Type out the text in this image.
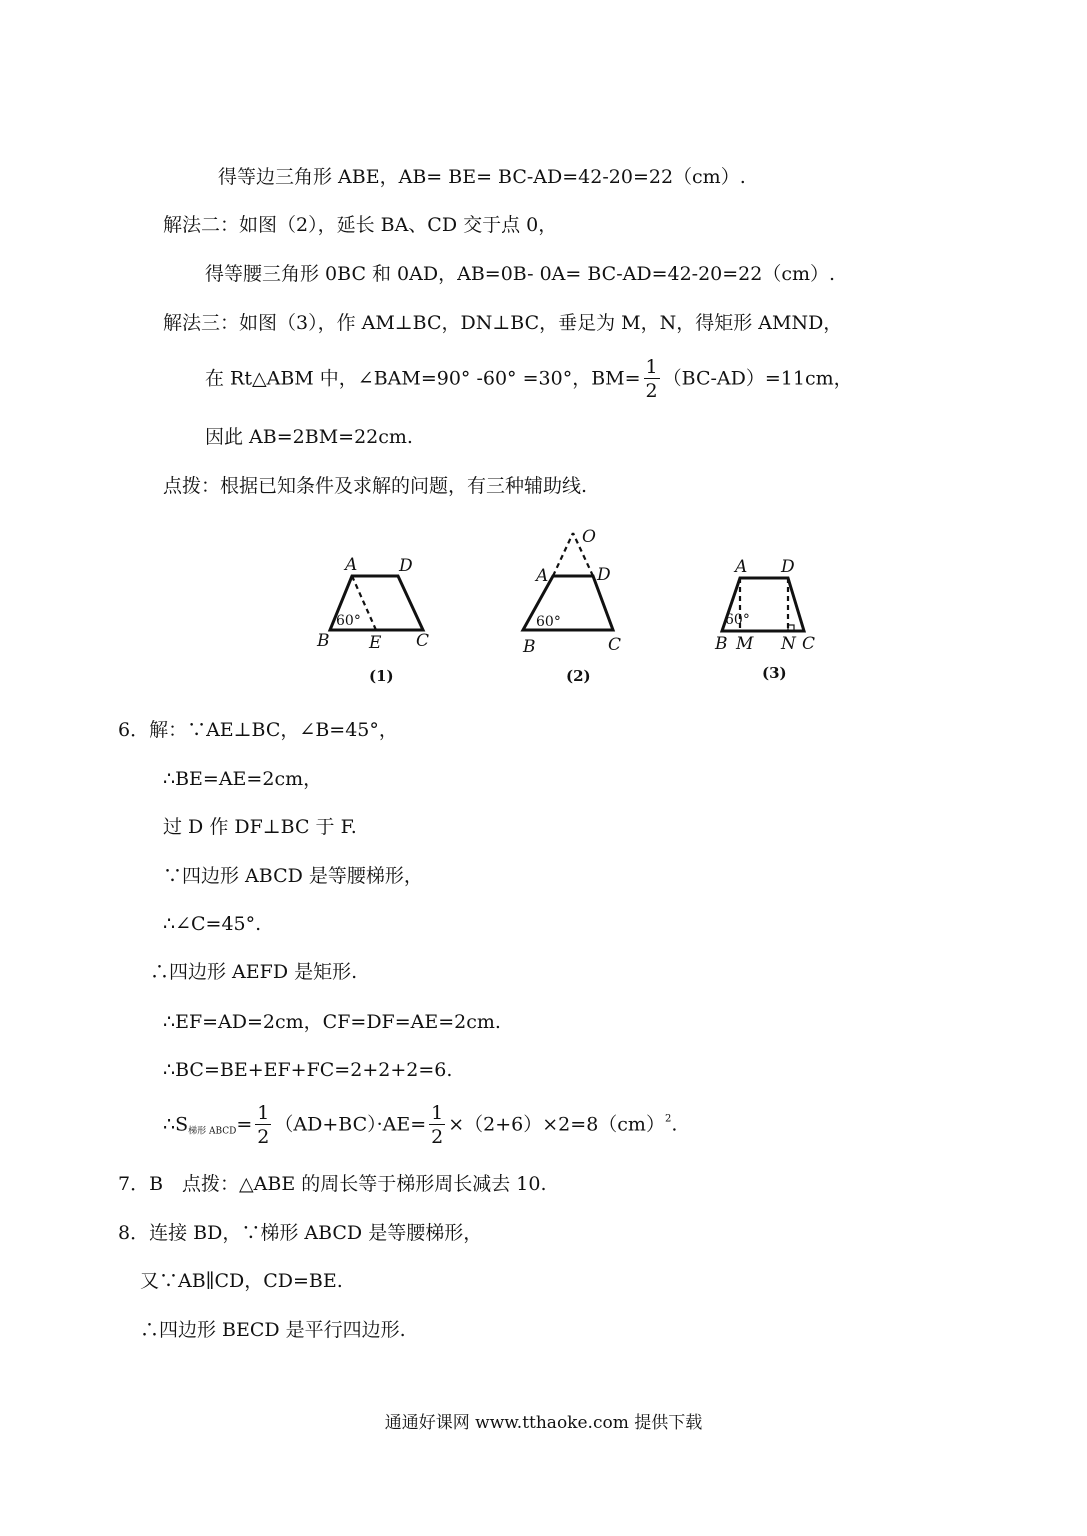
得等边三角形 ABE，AB= BE= BC-AD=42-20=22（cm）.
解法二：如图（2），延长 BA、CD 交于点 0，
得等腰三角形 0BC 和 0AD，AB=0B- 0A= BC-AD=42-20=22（cm）.
解法三：如图（3），作 AM⊥BC，DN⊥BC，垂足为 M，N，得矩形 AMND，
在 Rt△ABM 中，∠BAM=90° -60° =30°，$BM= \frac{1}{2} (BC-AD)=11cm$，
因此 AB=2BM=22cm.
点拨：根据已知条件及求解的问题，有三种辅助线.
A D
60°
B E C
(1)
O
A	D
60°
B	C
(2)
A D
60°
B M N C
(3)
6．解：∵AE⊥BC，∠B=45°，
∴BE=AE=2cm，
过 D 作 DF⊥BC 于 F.
∵四边形 ABCD 是等腰梯形，
∴∠C=45°.
∴四边形 AEFD 是矩形.
∴EF=AD=2cm，CF=DF=AE=2cm.
∴BC=BE+EF+FC=2+2+2=6.
$\therefore S_{梯形 ABCD}= \frac{1}{2} (AD+BC)\cdot AE= \frac{1}{2} \times(2+6)\times 2=8(cm)^2$.
7．B　点拨：△ABE 的周长等于梯形周长减去 10.
8．连接 BD，∵梯形 ABCD 是等腰梯形，
又∵AB∥CD，CD=BE.
∴四边形 BECD 是平行四边形.
通通好课网 www.tthaoke.com 提供下载
